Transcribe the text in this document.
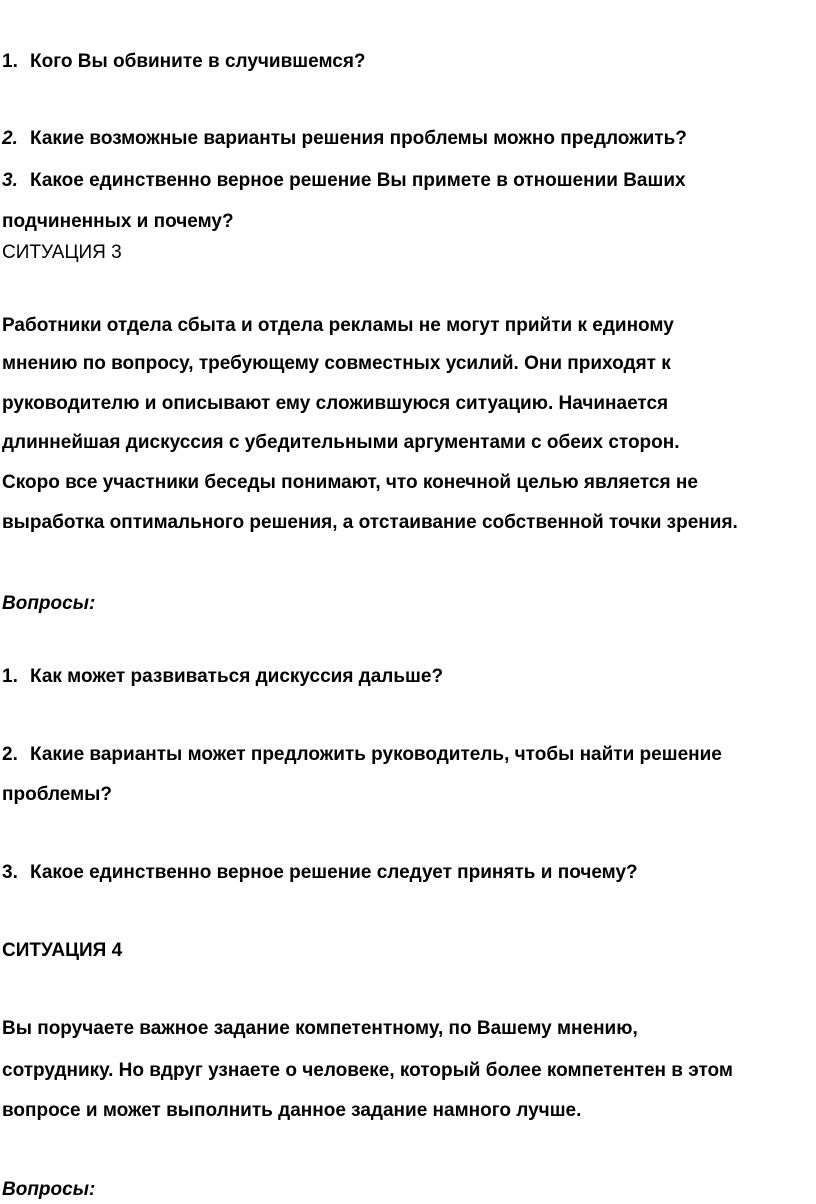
1. Кого Вы обвините в случившемся?
2. Какие возможные варианты решения проблемы можно предложить?
3. Какое единственно верное решение Вы примете в отношении Ваших
подчиненных и почему?
СИТУАЦИЯ 3
Работники отдела сбыта и отдела рекламы не могут прийти к единому
мнению по вопросу, требующему совместных усилий. Они приходят к
руководителю и описывают ему сложившуюся ситуацию. Начинается
длиннейшая дискуссия с убедительными аргументами с обеих сторон.
Скоро все участники беседы понимают, что конечной целью является не
выработка оптимального решения, а отстаивание собственной точки зрения.
Вопросы:
1. Как может развиваться дискуссия дальше?
2. Какие варианты может предложить руководитель, чтобы найти решение
проблемы?
3. Какое единственно верное решение следует принять и почему?
СИТУАЦИЯ 4
Вы поручаете важное задание компетентному, по Вашему мнению,
сотруднику. Но вдруг узнаете о человеке, который более компетентен в этом
вопросе и может выполнить данное задание намного лучше.
Вопросы:
